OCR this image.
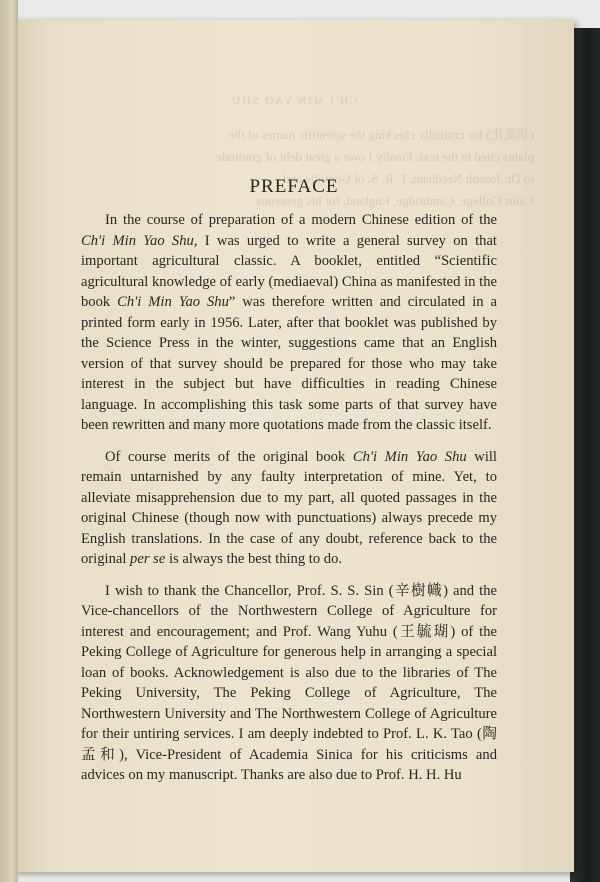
CH'I MIN YAO SHU
(胡亂化) for critically checking the scientific names of the
plants cited in the text. Finally I owe a great debt of gratitude
to Dr. Joseph Needham, F. R. S. of Gonville and
Caius College, Cambridge, England, for his generous
PREFACE

In the course of preparation of a modern Chinese edition of the Ch'i Min Yao Shu, I was urged to write a general survey on that important agricultural classic. A booklet, entitled “Scientific agricultural knowledge of early (mediaeval) China as manifested in the book Ch'i Min Yao Shu” was therefore written and circulated in a printed form early in 1956. Later, after that booklet was published by the Science Press in the winter, suggestions came that an English version of that survey should be prepared for those who may take interest in the subject but have difficulties in reading Chinese language. In accomplishing this task some parts of that survey have been rewritten and many more quotations made from the classic itself.

Of course merits of the original book Ch'i Min Yao Shu will remain untarnished by any faulty interpretation of mine. Yet, to alleviate misapprehension due to my part, all quoted passages in the original Chinese (though now with punctuations) always precede my English translations. In the case of any doubt, reference back to the original per se is always the best thing to do.

I wish to thank the Chancellor, Prof. S. S. Sin (辛樹幟) and the Vice-chancellors of the Northwestern College of Agriculture for interest and encouragement; and Prof. Wang Yuhu (王毓瑚) of the Peking College of Agriculture for generous help in arranging a special loan of books. Acknowledgement is also due to the libraries of The Peking University, The Peking College of Agriculture, The Northwestern University and The Northwestern College of Agriculture for their untiring services. I am deeply indebted to Prof. L. K. Tao (陶孟和), Vice-President of Academia Sinica for his criticisms and advices on my manuscript. Thanks are also due to Prof. H. H. Hu
